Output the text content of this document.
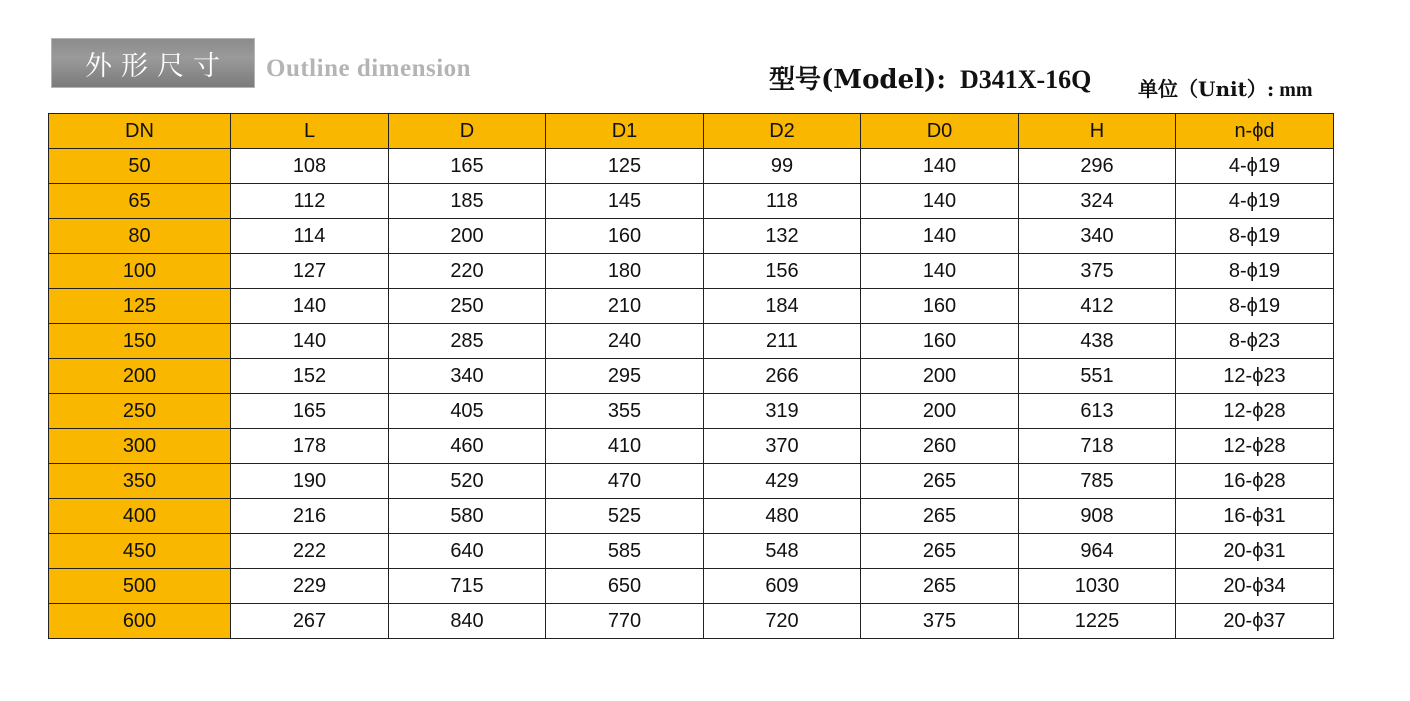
外形尺寸 Outline dimension	型号(Model): D341X-16Q 单位（Unit）: mm
DN	L	D	D1	D2	D0	H	n-ϕd
50	108	165	125	99	140	296	4-ϕ19
65	112	185	145	118	140	324	4-ϕ19
80	114	200	160	132	140	340	8-ϕ19
100	127	220	180	156	140	375	8-ϕ19
125	140	250	210	184	160	412	8-ϕ19
150	140	285	240	211	160	438	8-ϕ23
200	152	340	295	266	200	551	12-ϕ23
250	165	405	355	319	200	613	12-ϕ28
300	178	460	410	370	260	718	12-ϕ28
350	190	520	470	429	265	785	16-ϕ28
400	216	580	525	480	265	908	16-ϕ31
450	222	640	585	548	265	964	20-ϕ31
500	229	715	650	609	265	1030	20-ϕ34
600	267	840	770	720	375	1225	20-ϕ37
